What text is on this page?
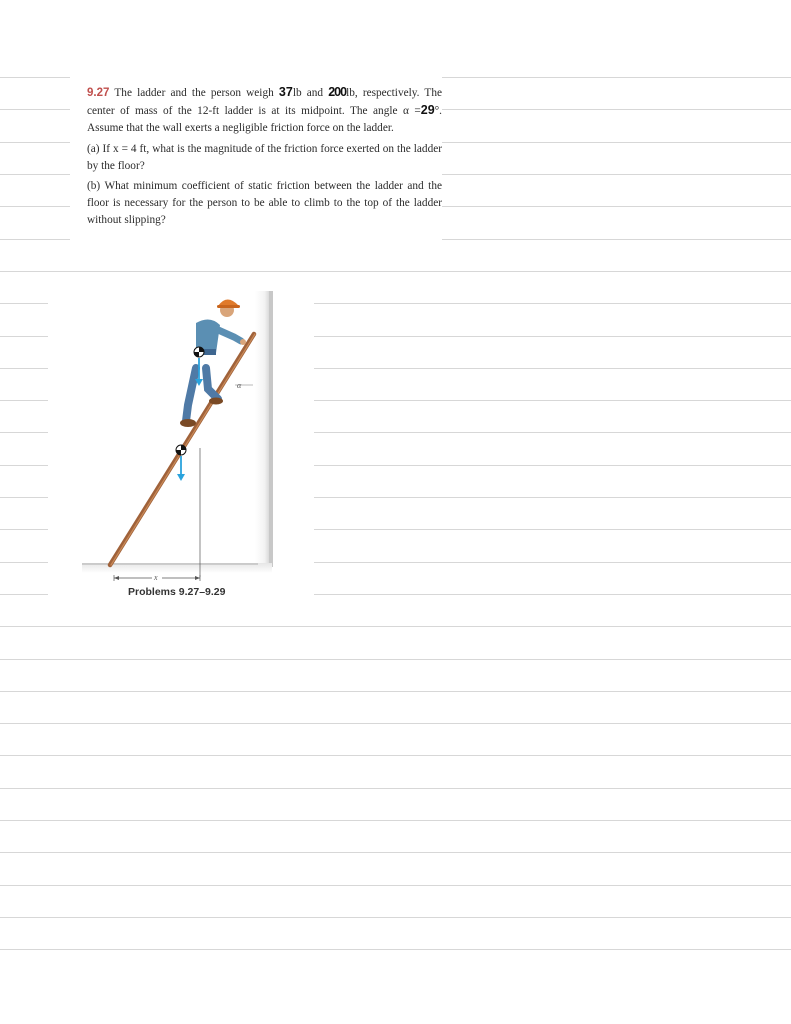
9.27 The ladder and the person weigh 37lb and 200lb, respectively. The center of mass of the 12-ft ladder is at its midpoint. The angle α =29°. Assume that the wall exerts a negligible friction force on the ladder.

(a) If x = 4 ft, what is the magnitude of the friction force exerted on the ladder by the floor?

(b) What minimum coefficient of static friction between the ladder and the floor is necessary for the person to be able to climb to the top of the ladder without slipping?

α
x
Problems 9.27–9.29
